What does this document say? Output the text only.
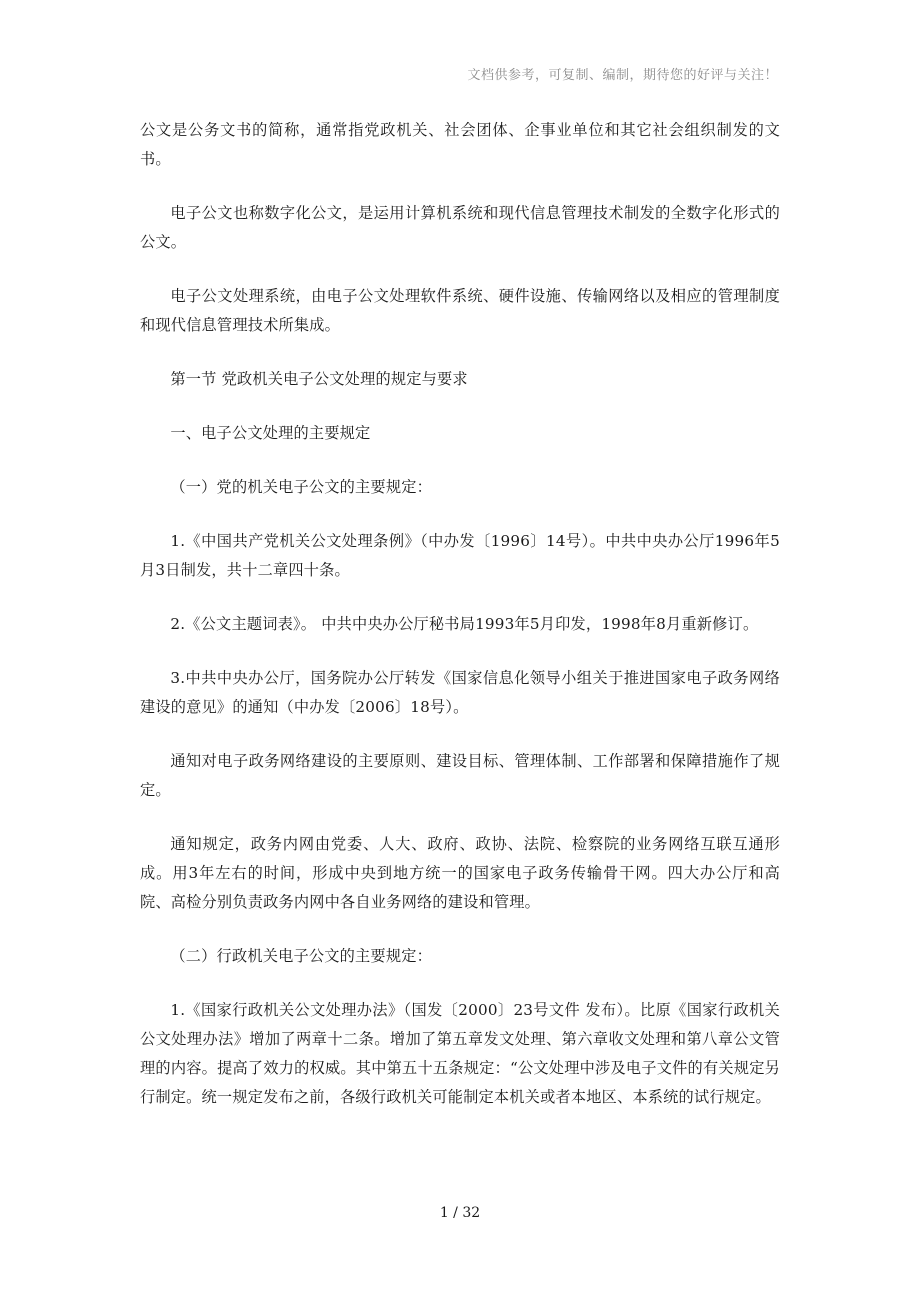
文档供参考，可复制、编制，期待您的好评与关注！

公文是公务文书的简称，通常指党政机关、社会团体、企事业单位和其它社会组织制发的文书。

电子公文也称数字化公文，是运用计算机系统和现代信息管理技术制发的全数字化形式的公文。

电子公文处理系统，由电子公文处理软件系统、硬件设施、传输网络以及相应的管理制度和现代信息管理技术所集成。

第一节 党政机关电子公文处理的规定与要求

一、电子公文处理的主要规定

（一）党的机关电子公文的主要规定：

1.《中国共产党机关公文处理条例》（中办发〔1996〕14号）。中共中央办公厅1996年5月3日制发，共十二章四十条。

2.《公文主题词表》。 中共中央办公厅秘书局1993年5月印发，1998年8月重新修订。

3.中共中央办公厅，国务院办公厅转发《国家信息化领导小组关于推进国家电子政务网络建设的意见》的通知（中办发〔2006〕18号）。

通知对电子政务网络建设的主要原则、建设目标、管理体制、工作部署和保障措施作了规定。

通知规定，政务内网由党委、人大、政府、政协、法院、检察院的业务网络互联互通形成。用3年左右的时间，形成中央到地方统一的国家电子政务传输骨干网。四大办公厅和高院、高检分别负责政务内网中各自业务网络的建设和管理。

（二）行政机关电子公文的主要规定：

1.《国家行政机关公文处理办法》（国发〔2000〕23号文件 发布）。比原《国家行政机关公文处理办法》增加了两章十二条。增加了第五章发文处理、第六章收文处理和第八章公文管理的内容。提高了效力的权威。其中第五十五条规定：“公文处理中涉及电子文件的有关规定另行制定。统一规定发布之前，各级行政机关可能制定本机关或者本地区、本系统的试行规定。

1 / 32
